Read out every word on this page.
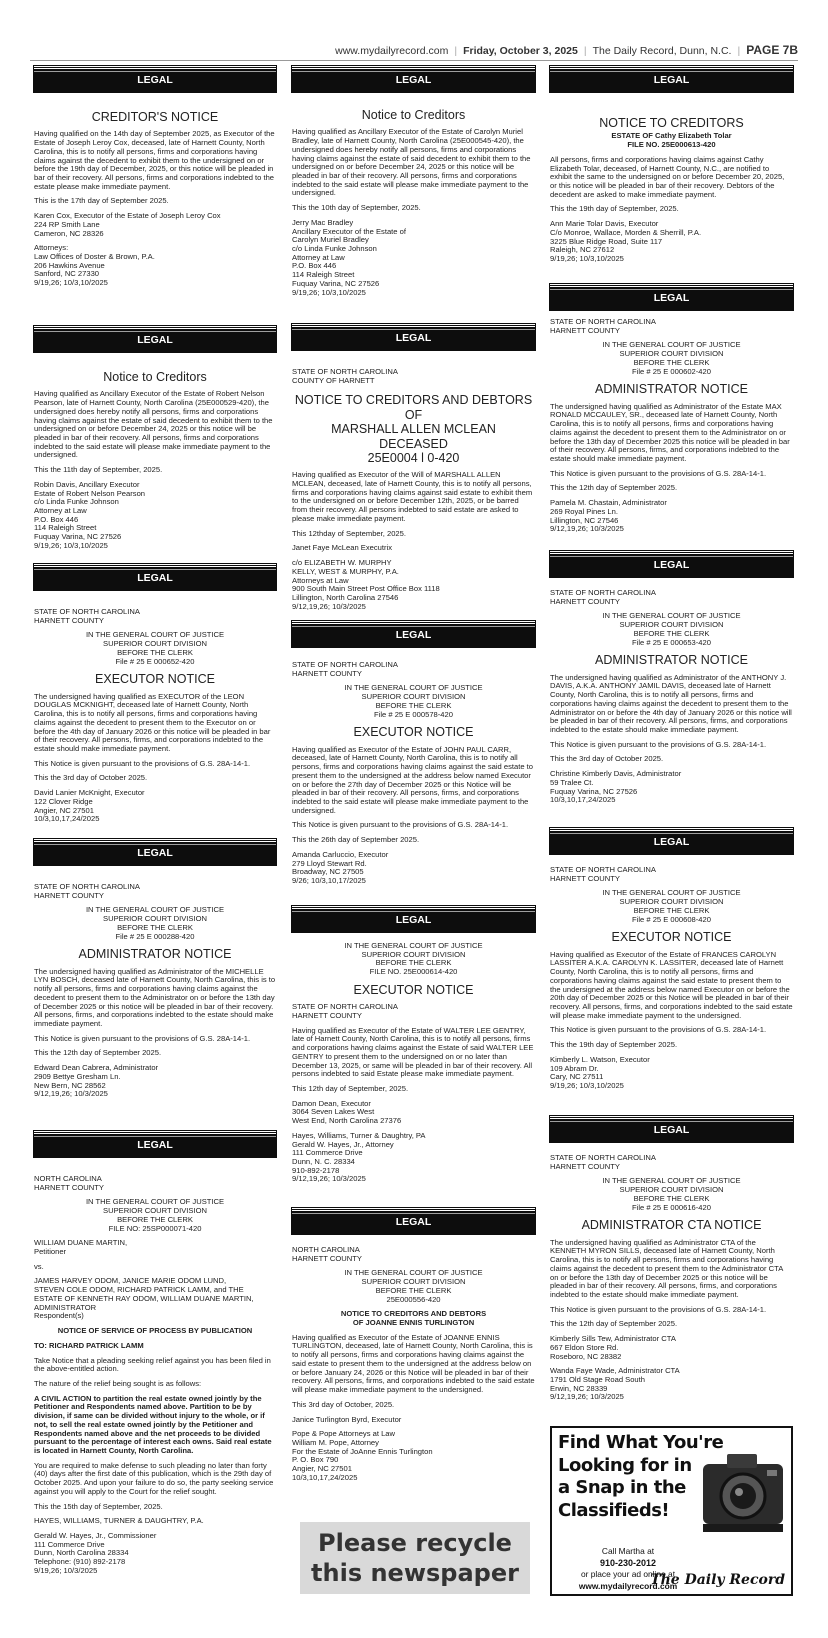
www.mydailyrecord.com | Friday, October 3, 2025 | The Daily Record, Dunn, N.C. | PAGE 7B
LEGAL
CREDITOR'S NOTICE

Having qualified on the 14th day of September 2025, as Executor of the Estate of Joseph Leroy Cox, deceased, late of Harnett County, North Carolina, this is to notify all persons, firms and corporations having claims against the decedent to exhibit them to the undersigned on or before the 19th day of December, 2025, or this notice will be pleaded in bar of their recovery. All persons, firms and corporations indebted to the estate please make immediate payment.

This is the 17th day of September 2025.

Karen Cox, Executor of the Estate of Joseph Leroy Cox
224 RP Smith Lane
Cameron, NC 28326

Attorneys:
Law Offices of Doster & Brown, P.A.
206 Hawkins Avenue
Sanford, NC 27330
9/19,26; 10/3,10/2025

LEGAL
Notice to Creditors

Having qualified as Ancillary Executor of the Estate of Robert Nelson Pearson, late of Harnett County, North Carolina (25E000529-420), the undersigned does hereby notify all persons, firms and corporations having claims against the estate of said decedent to exhibit them to the undersigned on or before December 24, 2025 or this notice will be pleaded in bar of their recovery. All persons, firms and corporations indebted to the said estate will please make immediate payment to the undersigned.

This the 11th day of September, 2025.

Robin Davis, Ancillary Executor
Estate of Robert Nelson Pearson
c/o Linda Funke Johnson
Attorney at Law
P.O. Box 446
114 Raleigh Street
Fuquay Varina, NC 27526
9/19,26; 10/3,10/2025

LEGAL

STATE OF NORTH CAROLINA
HARNETT COUNTY

IN THE GENERAL COURT OF JUSTICE
SUPERIOR COURT DIVISION
BEFORE THE CLERK
File # 25 E 000652-420

EXECUTOR NOTICE

The undersigned having qualified as EXECUTOR of the LEON DOUGLAS MCKNIGHT, deceased late of Harnett County, North Carolina, this is to notify all persons, firms and corporations having claims against the decedent to present them to the Executor on or before the 4th day of January 2026 or this notice will be pleaded in bar of their recovery. All persons, firms, and corporations indebted to the estate should make immediate payment.

This Notice is given pursuant to the provisions of G.S. 28A-14-1.

This the 3rd day of October 2025.

David Lanier McKnight, Executor
122 Clover Ridge
Angier, NC 27501
10/3,10,17,24/2025

LEGAL

STATE OF NORTH CAROLINA
HARNETT COUNTY

IN THE GENERAL COURT OF JUSTICE
SUPERIOR COURT DIVISION
BEFORE THE CLERK
File # 25 E 000288-420

ADMINISTRATOR NOTICE

The undersigned having qualified as Administrator of the MICHELLE LYN BOSCH, deceased late of Harnett County, North Carolina, this is to notify all persons, firms and corporations having claims against the decedent to present them to the Administrator on or before the 13th day of December 2025 or this notice will be pleaded in bar of their recovery. All persons, firms, and corporations indebted to the estate should make immediate payment.

This Notice is given pursuant to the provisions of G.S. 28A-14-1.

This the 12th day of September 2025.

Edward Dean Cabrera, Administrator
2909 Bettye Gresham Ln.
New Bern, NC 28562
9/12,19,26; 10/3/2025

LEGAL

NORTH CAROLINA
HARNETT COUNTY

IN THE GENERAL COURT OF JUSTICE
SUPERIOR COURT DIVISION
BEFORE THE CLERK
FILE NO: 25SP000071-420

WILLIAM DUANE MARTIN,
Petitioner

vs.

JAMES HARVEY ODOM, JANICE MARIE ODOM LUND,
STEVEN COLE ODOM, RICHARD PATRICK LAMM, and THE
ESTATE OF KENNETH RAY ODOM, WILLIAM DUANE MARTIN,
ADMINISTRATOR
Respondent(s)

NOTICE OF SERVICE OF PROCESS BY PUBLICATION

TO: RICHARD PATRICK LAMM

Take Notice that a pleading seeking relief against you has been filed in the above-entitled action.

The nature of the relief being sought is as follows:

A CIVIL ACTION to partition the real estate owned jointly by the Petitioner and Respondents named above. Partition to be by division, if same can be divided without injury to the whole, or if not, to sell the real estate owned jointly by the Petitioner and Respondents named above and the net proceeds to be divided pursuant to the percentage of interest each owns. Said real estate is located in Harnett County, North Carolina.

You are required to make defense to such pleading no later than forty (40) days after the first date of this publication, which is the 29th day of October 2025. And upon your failure to do so, the party seeking service against you will apply to the Court for the relief sought.

This the 15th day of September, 2025.

HAYES, WILLIAMS, TURNER & DAUGHTRY, P.A.

Gerald W. Hayes, Jr., Commissioner
111 Commerce Drive
Dunn, North Carolina 28334
Telephone: (910) 892-2178
9/19,26; 10/3/2025

LEGAL
Notice to Creditors

Having qualified as Ancillary Executor of the Estate of Carolyn Muriel Bradley, late of Harnett County, North Carolina (25E000545-420), the undersigned does hereby notify all persons, firms and corporations having claims against the estate of said decedent to exhibit them to the undersigned on or before December 24, 2025 or this notice will be pleaded in bar of their recovery. All persons, firms and corporations indebted to the said estate will please make immediate payment to the undersigned.

This the 10th day of September, 2025.

Jerry Mac Bradley
Ancillary Executor of the Estate of
Carolyn Muriel Bradley
c/o Linda Funke Johnson
Attorney at Law
P.O. Box 446
114 Raleigh Street
Fuquay Varina, NC 27526
9/19,26; 10/3,10/2025

LEGAL

STATE OF NORTH CAROLINA
COUNTY OF HARNETT

NOTICE TO CREDITORS AND DEBTORS
OF
MARSHALL ALLEN MCLEAN
DECEASED
25E0004 l 0-420

Having qualified as Executor of the Will of MARSHALL ALLEN MCLEAN, deceased, late of Harnett County, this is to notify all persons, firms and corporations having claims against said estate to exhibit them to the undersigned on or before December 12th, 2025, or be barred from their recovery. All persons indebted to said estate are asked to please make immediate payment.

This 12thday of September, 2025.

Janet Faye McLean Executrix

c/o ELIZABETH W. MURPHY
KELLY, WEST & MURPHY, P.A.
Attorneys at Law
900 South Main Street Post Office Box 1118
Lillington, North Carolina 27546
9/12,19,26; 10/3/2025

LEGAL

STATE OF NORTH CAROLINA
HARNETT COUNTY

IN THE GENERAL COURT OF JUSTICE
SUPERIOR COURT DIVISION
BEFORE THE CLERK
File # 25 E 000578-420

EXECUTOR NOTICE

Having qualified as Executor of the Estate of JOHN PAUL CARR, deceased, late of Harnett County, North Carolina, this is to notify all persons, firms and corporations having claims against the said estate to present them to the undersigned at the address below named Executor on or before the 27th day of December 2025 or this Notice will be pleaded in bar of their recovery. All persons, firms, and corporations indebted to the said estate will please make immediate payment to the undersigned.

This Notice is given pursuant to the provisions of G.S. 28A-14-1.

This the 26th day of September 2025.

Amanda Carluccio, Executor
279 Lloyd Stewart Rd.
Broadway, NC 27505
9/26; 10/3,10,17/2025

LEGAL

IN THE GENERAL COURT OF JUSTICE
SUPERIOR COURT DIVISION
BEFORE THE CLERK
FILE NO. 25E000614-420

EXECUTOR NOTICE

STATE OF NORTH CAROLINA
HARNETT COUNTY

Having qualified as Executor of the Estate of WALTER LEE GENTRY, late of Harnett County, North Carolina, this is to notify all persons, firms and corporations having claims against the Estate of said WALTER LEE GENTRY to present them to the undersigned on or no later than December 13, 2025, or same will be pleaded in bar of their recovery. All persons indebted to said Estate please make immediate payment.

This 12th day of September, 2025.

Damon Dean, Executor
3064 Seven Lakes West
West End, North Carolina 27376

Hayes, Williams, Turner & Daughtry, PA
Gerald W. Hayes, Jr., Attorney
111 Commerce Drive
Dunn, N. C. 28334
910-892-2178
9/12,19,26; 10/3/2025

LEGAL

NORTH CAROLINA
HARNETT COUNTY

IN THE GENERAL COURT OF JUSTICE
SUPERIOR COURT DIVISION
BEFORE THE CLERK
25E000556-420

NOTICE TO CREDITORS AND DEBTORS
OF JOANNE ENNIS TURLINGTON

Having qualified as Executor of the Estate of JOANNE ENNIS TURLINGTON, deceased, late of Harnett County, North Carolina, this is to notify all persons, firms and corporations having claims against the said estate to present them to the undersigned at the address below on or before January 24, 2026 or this Notice will be pleaded in bar of their recovery. All persons, firms, and corporations indebted to the said estate will please make immediate payment to the undersigned.

This 3rd day of October, 2025.

Janice Turlington Byrd, Executor

Pope & Pope Attorneys at Law
William M. Pope, Attorney
For the Estate of JoAnne Ennis Turlington
P. O. Box 790
Angier, NC 27501
10/3,10,17,24/2025

Please recycle
this newspaper
LEGAL
NOTICE TO CREDITORS

ESTATE OF Cathy Elizabeth Tolar
FILE NO. 25E000613-420

All persons, firms and corporations having claims against Cathy Elizabeth Tolar, deceased, of Harnett County, N.C., are notified to exhibit the same to the undersigned on or before December 20, 2025, or this notice will be pleaded in bar of their recovery. Debtors of the decedent are asked to make immediate payment.

This the 19th day of September, 2025.

Ann Marie Tolar Davis, Executor
C/o Monroe, Wallace, Morden & Sherrill, P.A.
3225 Blue Ridge Road, Suite 117
Raleigh, NC 27612
9/19,26; 10/3,10/2025

LEGAL

STATE OF NORTH CAROLINA
HARNETT COUNTY

IN THE GENERAL COURT OF JUSTICE
SUPERIOR COURT DIVISION
BEFORE THE CLERK
File # 25 E 000602-420

ADMINISTRATOR NOTICE

The undersigned having qualified as Administrator of the Estate MAX RONALD MCCAULEY, SR., deceased late of Harnett County, North Carolina, this is to notify all persons, firms and corporations having claims against the decedent to present them to the Administrator on or before the 13th day of December 2025 this notice will be pleaded in bar of their recovery. All persons, firms, and corporations indebted to the estate should make immediate payment.

This Notice is given pursuant to the provisions of G.S. 28A-14-1.

This the 12th day of September 2025.

Pamela M. Chastain, Administrator
269 Royal Pines Ln.
Lillington, NC 27546
9/12,19,26; 10/3/2025

LEGAL

STATE OF NORTH CAROLINA
HARNETT COUNTY

IN THE GENERAL COURT OF JUSTICE
SUPERIOR COURT DIVISION
BEFORE THE CLERK
File # 25 E 000653-420

ADMINISTRATOR NOTICE

The undersigned having qualified as Administrator of the ANTHONY J. DAVIS, A.K.A. ANTHONY JAMIL DAVIS, deceased late of Harnett County, North Carolina, this is to notify all persons, firms and corporations having claims against the decedent to present them to the Administrator on or before the 4th day of January 2026 or this notice will be pleaded in bar of their recovery. All persons, firms, and corporations indebted to the estate should make immediate payment.

This Notice is given pursuant to the provisions of G.S. 28A-14-1.

This the 3rd day of October 2025.

Christine Kimberly Davis, Administrator
59 Tralee Ct.
Fuquay Varina, NC 27526
10/3,10,17,24/2025

LEGAL

STATE OF NORTH CAROLINA
HARNETT COUNTY

IN THE GENERAL COURT OF JUSTICE
SUPERIOR COURT DIVISION
BEFORE THE CLERK
File # 25 E 000608-420

EXECUTOR NOTICE

Having qualified as Executor of the Estate of FRANCES CAROLYN LASSITER A.K.A. CAROLYN K. LASSITER, deceased late of Harnett County, North Carolina, this is to notify all persons, firms and corporations having claims against the said estate to present them to the undersigned at the address below named Executor on or before the 20th day of December 2025 or this Notice will be pleaded in bar of their recovery. All persons, firms, and corporations indebted to the said estate will please make immediate payment to the undersigned.

This Notice is given pursuant to the provisions of G.S. 28A-14-1.

This the 19th day of September 2025.

Kimberly L. Watson, Executor
109 Abram Dr.
Cary, NC 27511
9/19,26; 10/3,10/2025

LEGAL

STATE OF NORTH CAROLINA
HARNETT COUNTY

IN THE GENERAL COURT OF JUSTICE
SUPERIOR COURT DIVISION
BEFORE THE CLERK
File # 25 E 000616-420

ADMINISTRATOR CTA NOTICE

The undersigned having qualified as Administrator CTA of the KENNETH MYRON SILLS, deceased late of Harnett County, North Carolina, this is to notify all persons, firms and corporations having claims against the decedent to present them to the Administrator CTA on or before the 13th day of December 2025 or this notice will be pleaded in bar of their recovery. All persons, firms, and corporations indebted to the estate should make immediate payment.

This Notice is given pursuant to the provisions of G.S. 28A-14-1.

This the 12th day of September 2025.

Kimberly Sills Tew, Administrator CTA
667 Eldon Store Rd.
Roseboro, NC 28382

Wanda Faye Wade, Administrator CTA
1791 Old Stage Road South
Erwin, NC 28339
9/12,19,26; 10/3/2025

Find What You're
Looking for in
a Snap in the
Classifieds!
Call Martha at
910-230-2012
or place your ad online at
www.mydailyrecord.com
The Daily Record
